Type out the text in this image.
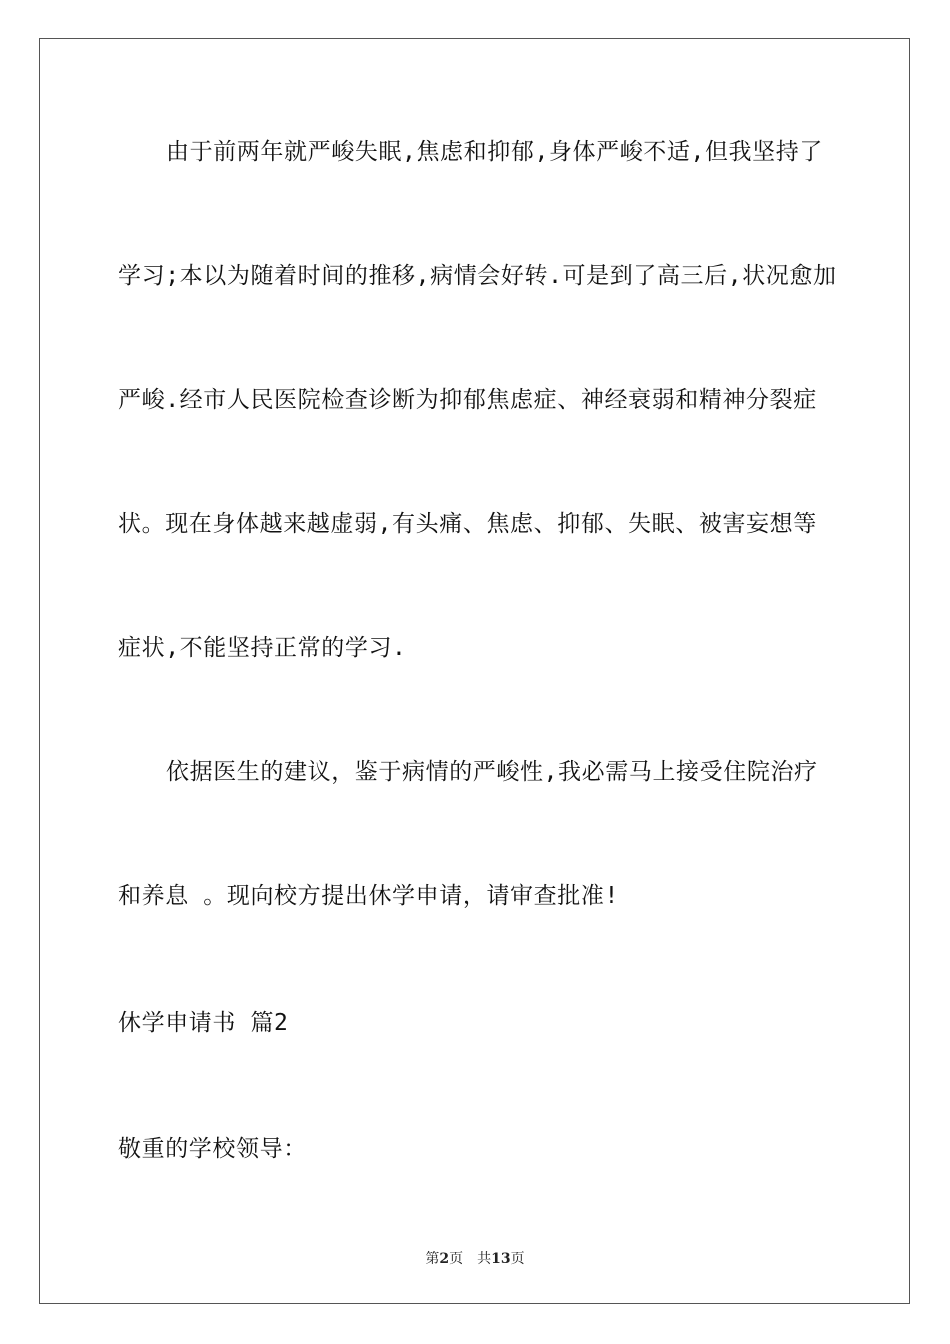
由于前两年就严峻失眠,焦虑和抑郁,身体严峻不适,但我坚持了
学习;本以为随着时间的推移,病情会好转.可是到了高三后,状况愈加
严峻.经市人民医院检查诊断为抑郁焦虑症、神经衰弱和精神分裂症
状。现在身体越来越虚弱,有头痛、焦虑、抑郁、失眠、被害妄想等
症状,不能坚持正常的学习.
依据医生的建议，鉴于病情的严峻性,我必需马上接受住院治疗
和养息 。现向校方提出休学申请，请审查批准!
休学申请书 篇2
敬重的学校领导：
第2页 共13页
